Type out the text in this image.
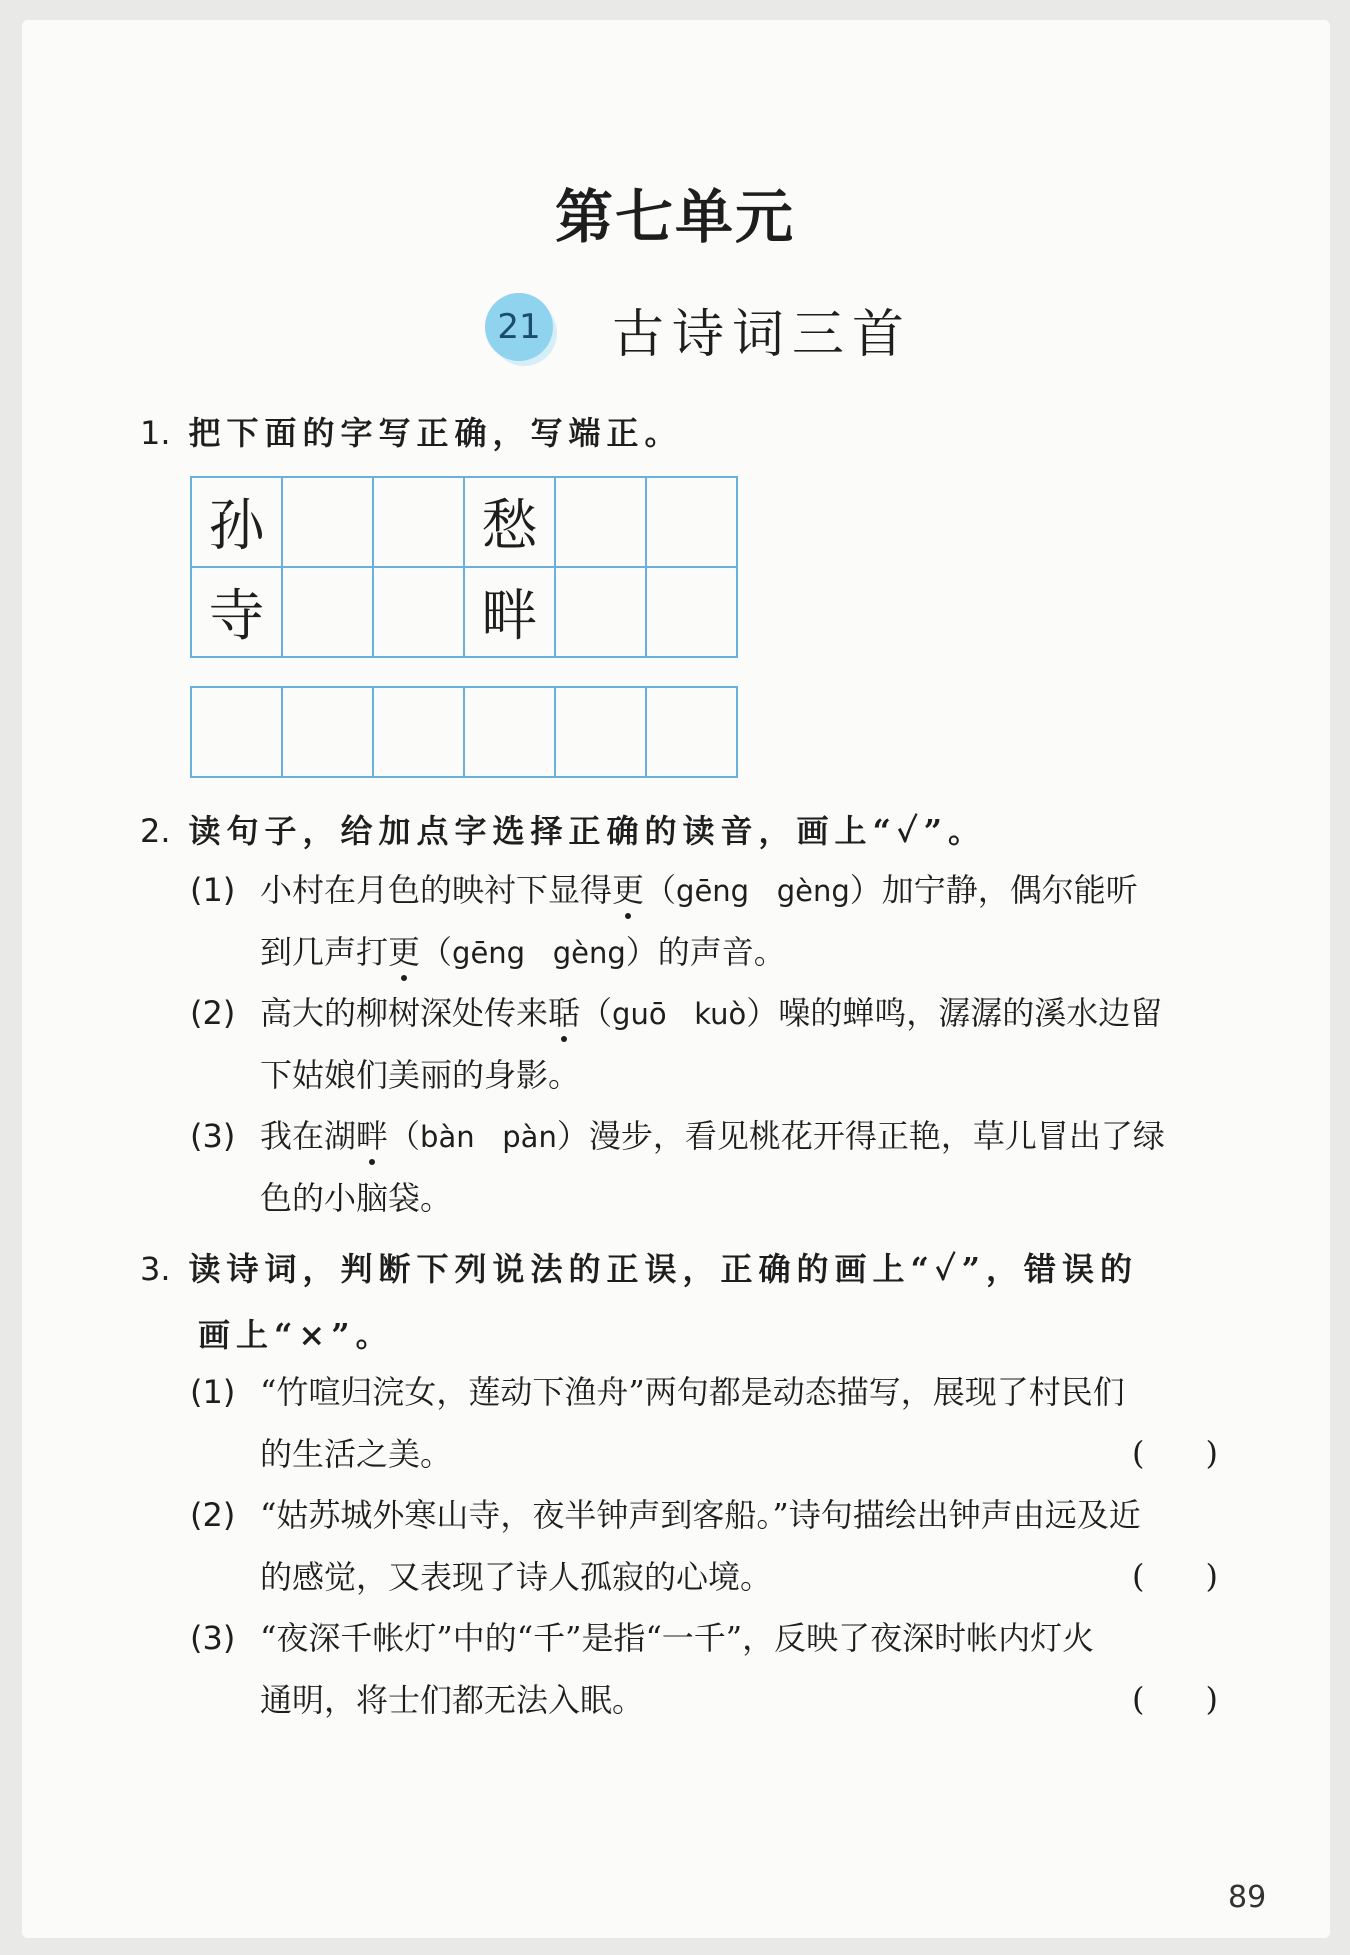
第七单元
21 古诗词三首
1. 把下面的字写正确，写端正。
孙			愁		
寺			畔		

2. 读句子，给加点字选择正确的读音，画上“✓”。
(1) 小村在月色的映衬下显得更（gēng   gèng）加宁静，偶尔能听
到几声打更（gēng   gèng）的声音。
(2) 高大的柳树深处传来聒（guō   kuò）噪的蝉鸣，潺潺的溪水边留
下姑娘们美丽的身影。
(3) 我在湖畔（bàn   pàn）漫步，看见桃花开得正艳，草儿冒出了绿
色的小脑袋。
3. 读诗词，判断下列说法的正误，正确的画上“✓”，错误的
画上“×”。
(1) “竹喧归浣女，莲动下渔舟”两句都是动态描写，展现了村民们
的生活之美。	(      )
(2) “姑苏城外寒山寺，夜半钟声到客船。”诗句描绘出钟声由远及近
的感觉，又表现了诗人孤寂的心境。	(      )
(3) “夜深千帐灯”中的“千”是指“一千”，反映了夜深时帐内灯火
通明，将士们都无法入眠。	(      )
89
